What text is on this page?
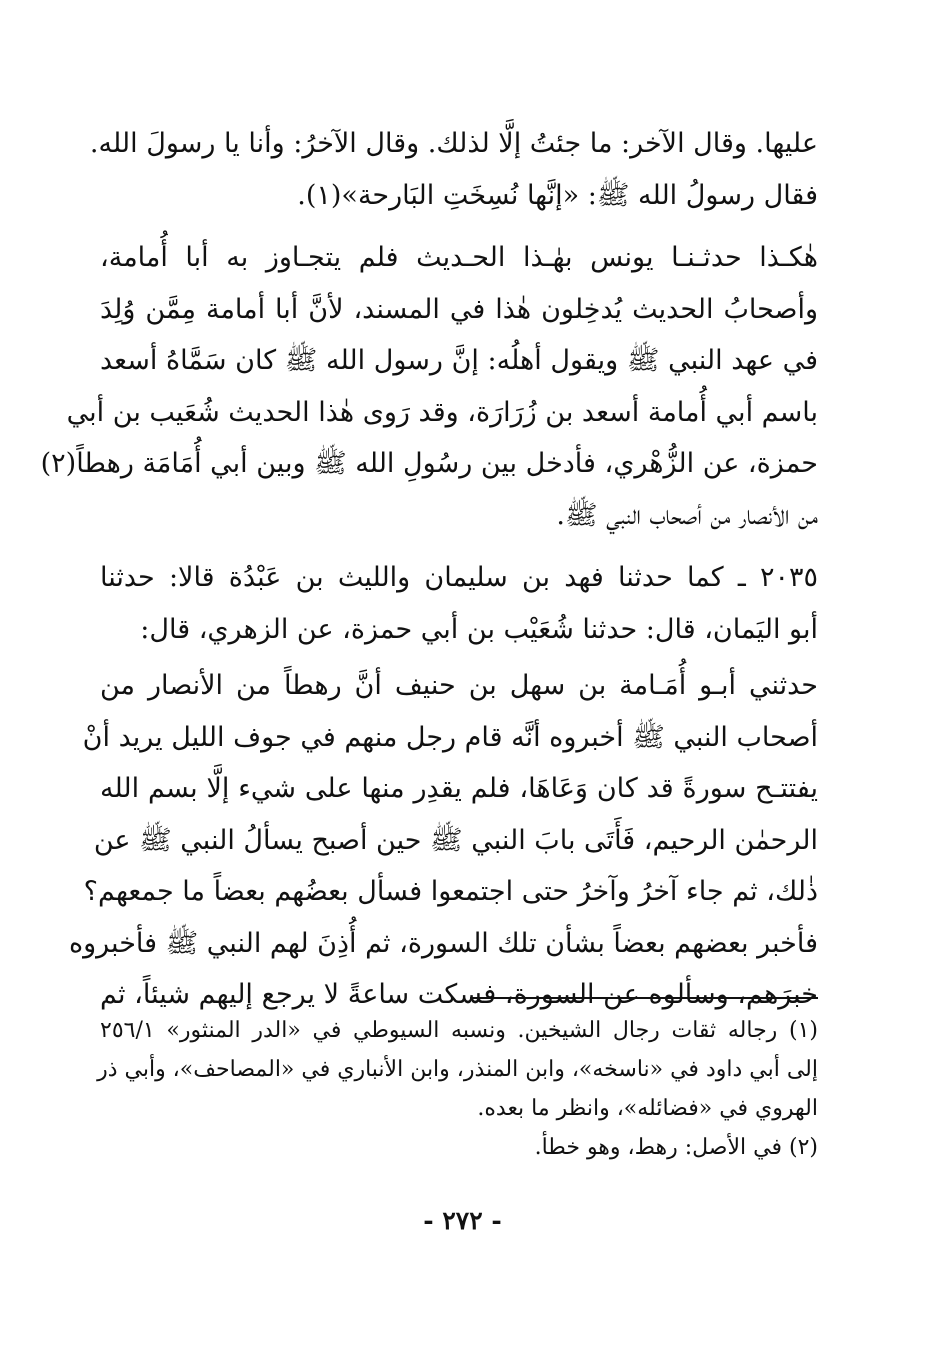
عليها. وقال الآخر: ما جئتُ إلَّا لذلك. وقال الآخرُ: وأنا يا رسولَ الله.
فقال رسولُ الله ﷺ: «إنَّها نُسِخَتِ البَارحة»(١).
هٰكـذا حدثـنـا يونس بهٰـذا الحـديث فلم يتجـاوز به أبا أُمامة،
وأصحابُ الحديث يُدخِلون هٰذا في المسند، لأنَّ أبا أمامة مِمَّن وُلِدَ
في عهد النبي ﷺ ويقول أهلُه: إنَّ رسول الله ﷺ كان سَمَّاهُ أسعد
باسم أبي أُمامة أسعد بن زُرَارَة، وقد رَوى هٰذا الحديث شُعَيب بن أبي
حمزة، عن الزُّهْري، فأدخل بين رسُولِ الله ﷺ وبين أبي أُمَامَة رهطاً(٢)
من الأنصار من أصحاب النبي ﷺ.
٢٠٣٥ ـ كما حدثنا فهد بن سليمان والليث بن عَبْدُة قالا: حدثنا
أبو اليَمان، قال: حدثنا شُعَيْب بن أبي حمزة، عن الزهري، قال:
حدثني أبـو أُمَـامة بن سهل بن حنيف أنَّ رهطاً من الأنصار من
أصحاب النبي ﷺ أخبروه أنَّه قام رجل منهم في جوف الليل يريد أنْ
يفتتـح سورةً قد كان وَعَاهَا، فلم يقدِر منها على شيء إلَّا بسم الله
الرحمٰن الرحيم، فَأَتَى بابَ النبي ﷺ حين أصبح يسألُ النبي ﷺ عن
ذٰلك، ثم جاء آخرُ وآخرُ حتى اجتمعوا فسأل بعضُهم بعضاً ما جمعهم؟
فأخبر بعضهم بعضاً بشأن تلك السورة، ثم أُذِنَ لهم النبي ﷺ فأخبروه
خبرَهم، وسألوه عن السورة، فسكت ساعةً لا يرجع إليهم شيئاً، ثم
(١) رجاله ثقات رجال الشيخين. ونسبه السيوطي في «الدر المنثور» ٢٥٦/١
إلى أبي داود في «ناسخه»، وابن المنذر، وابن الأنباري في «المصاحف»، وأبي ذر
الهروي في «فضائله»، وانظر ما بعده.
(٢) في الأصل: رهط، وهو خطأ.
- ٢٧٢ -
